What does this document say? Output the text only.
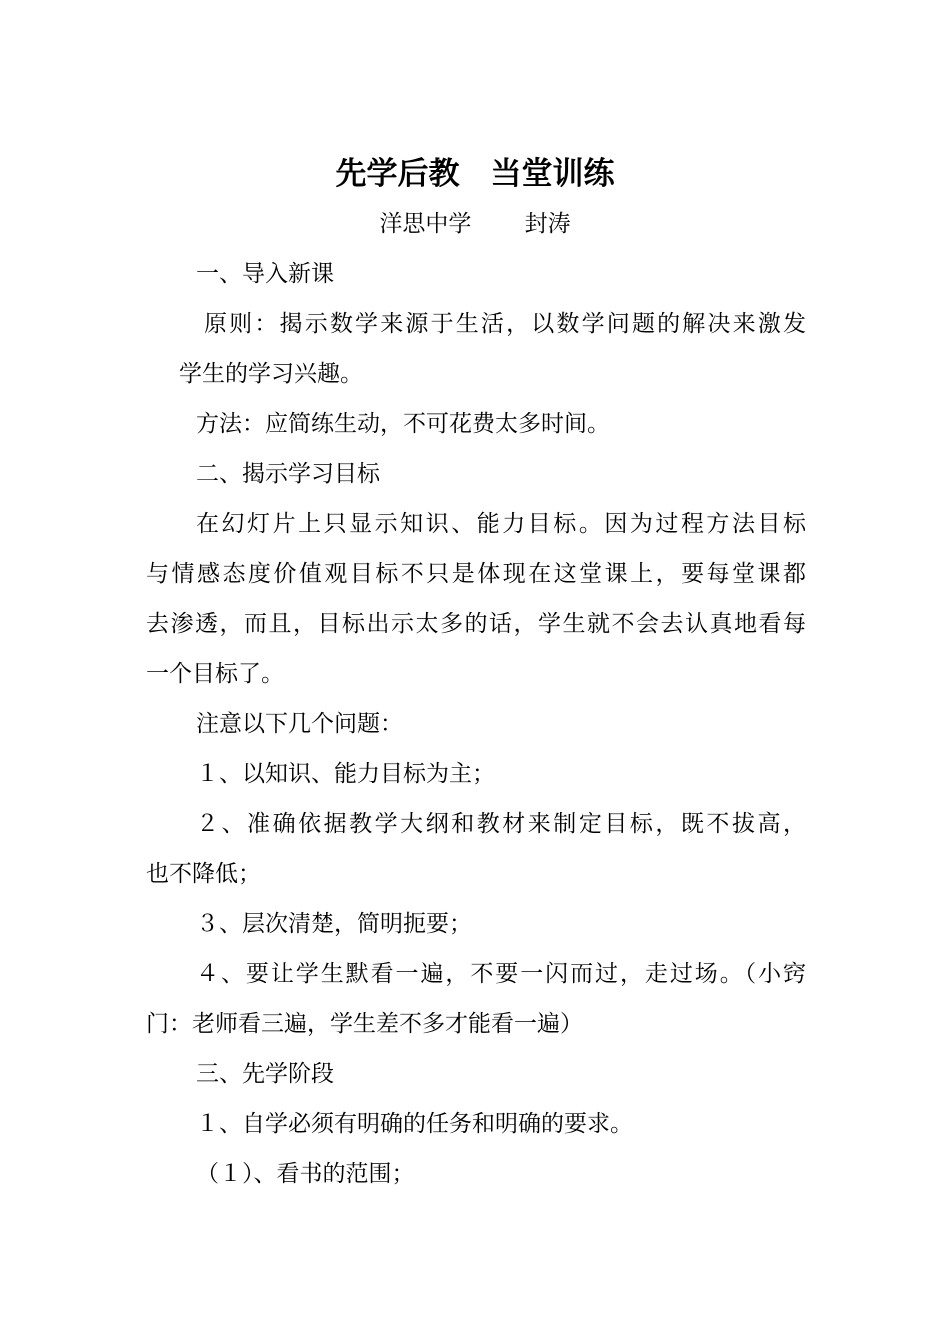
先学后教　当堂训练
洋思中学　　 封涛
一、导入新课
原则：揭示数学来源于生活，以数学问题的解决来激发
学生的学习兴趣。
方法：应简练生动，不可花费太多时间。
二、揭示学习目标
在幻灯片上只显示知识、能力目标。因为过程方法目标
与情感态度价值观目标不只是体现在这堂课上，要每堂课都
去渗透，而且，目标出示太多的话，学生就不会去认真地看每
一个目标了。
注意以下几个问题：
１、以知识、能力目标为主；
２、准确依据教学大纲和教材来制定目标，既不拔高，
也不降低；
３、层次清楚，简明扼要；
４、要让学生默看一遍，不要一闪而过，走过场。（小窍
门：老师看三遍，学生差不多才能看一遍）
三、先学阶段
１、自学必须有明确的任务和明确的要求。
（１）、看书的范围；
